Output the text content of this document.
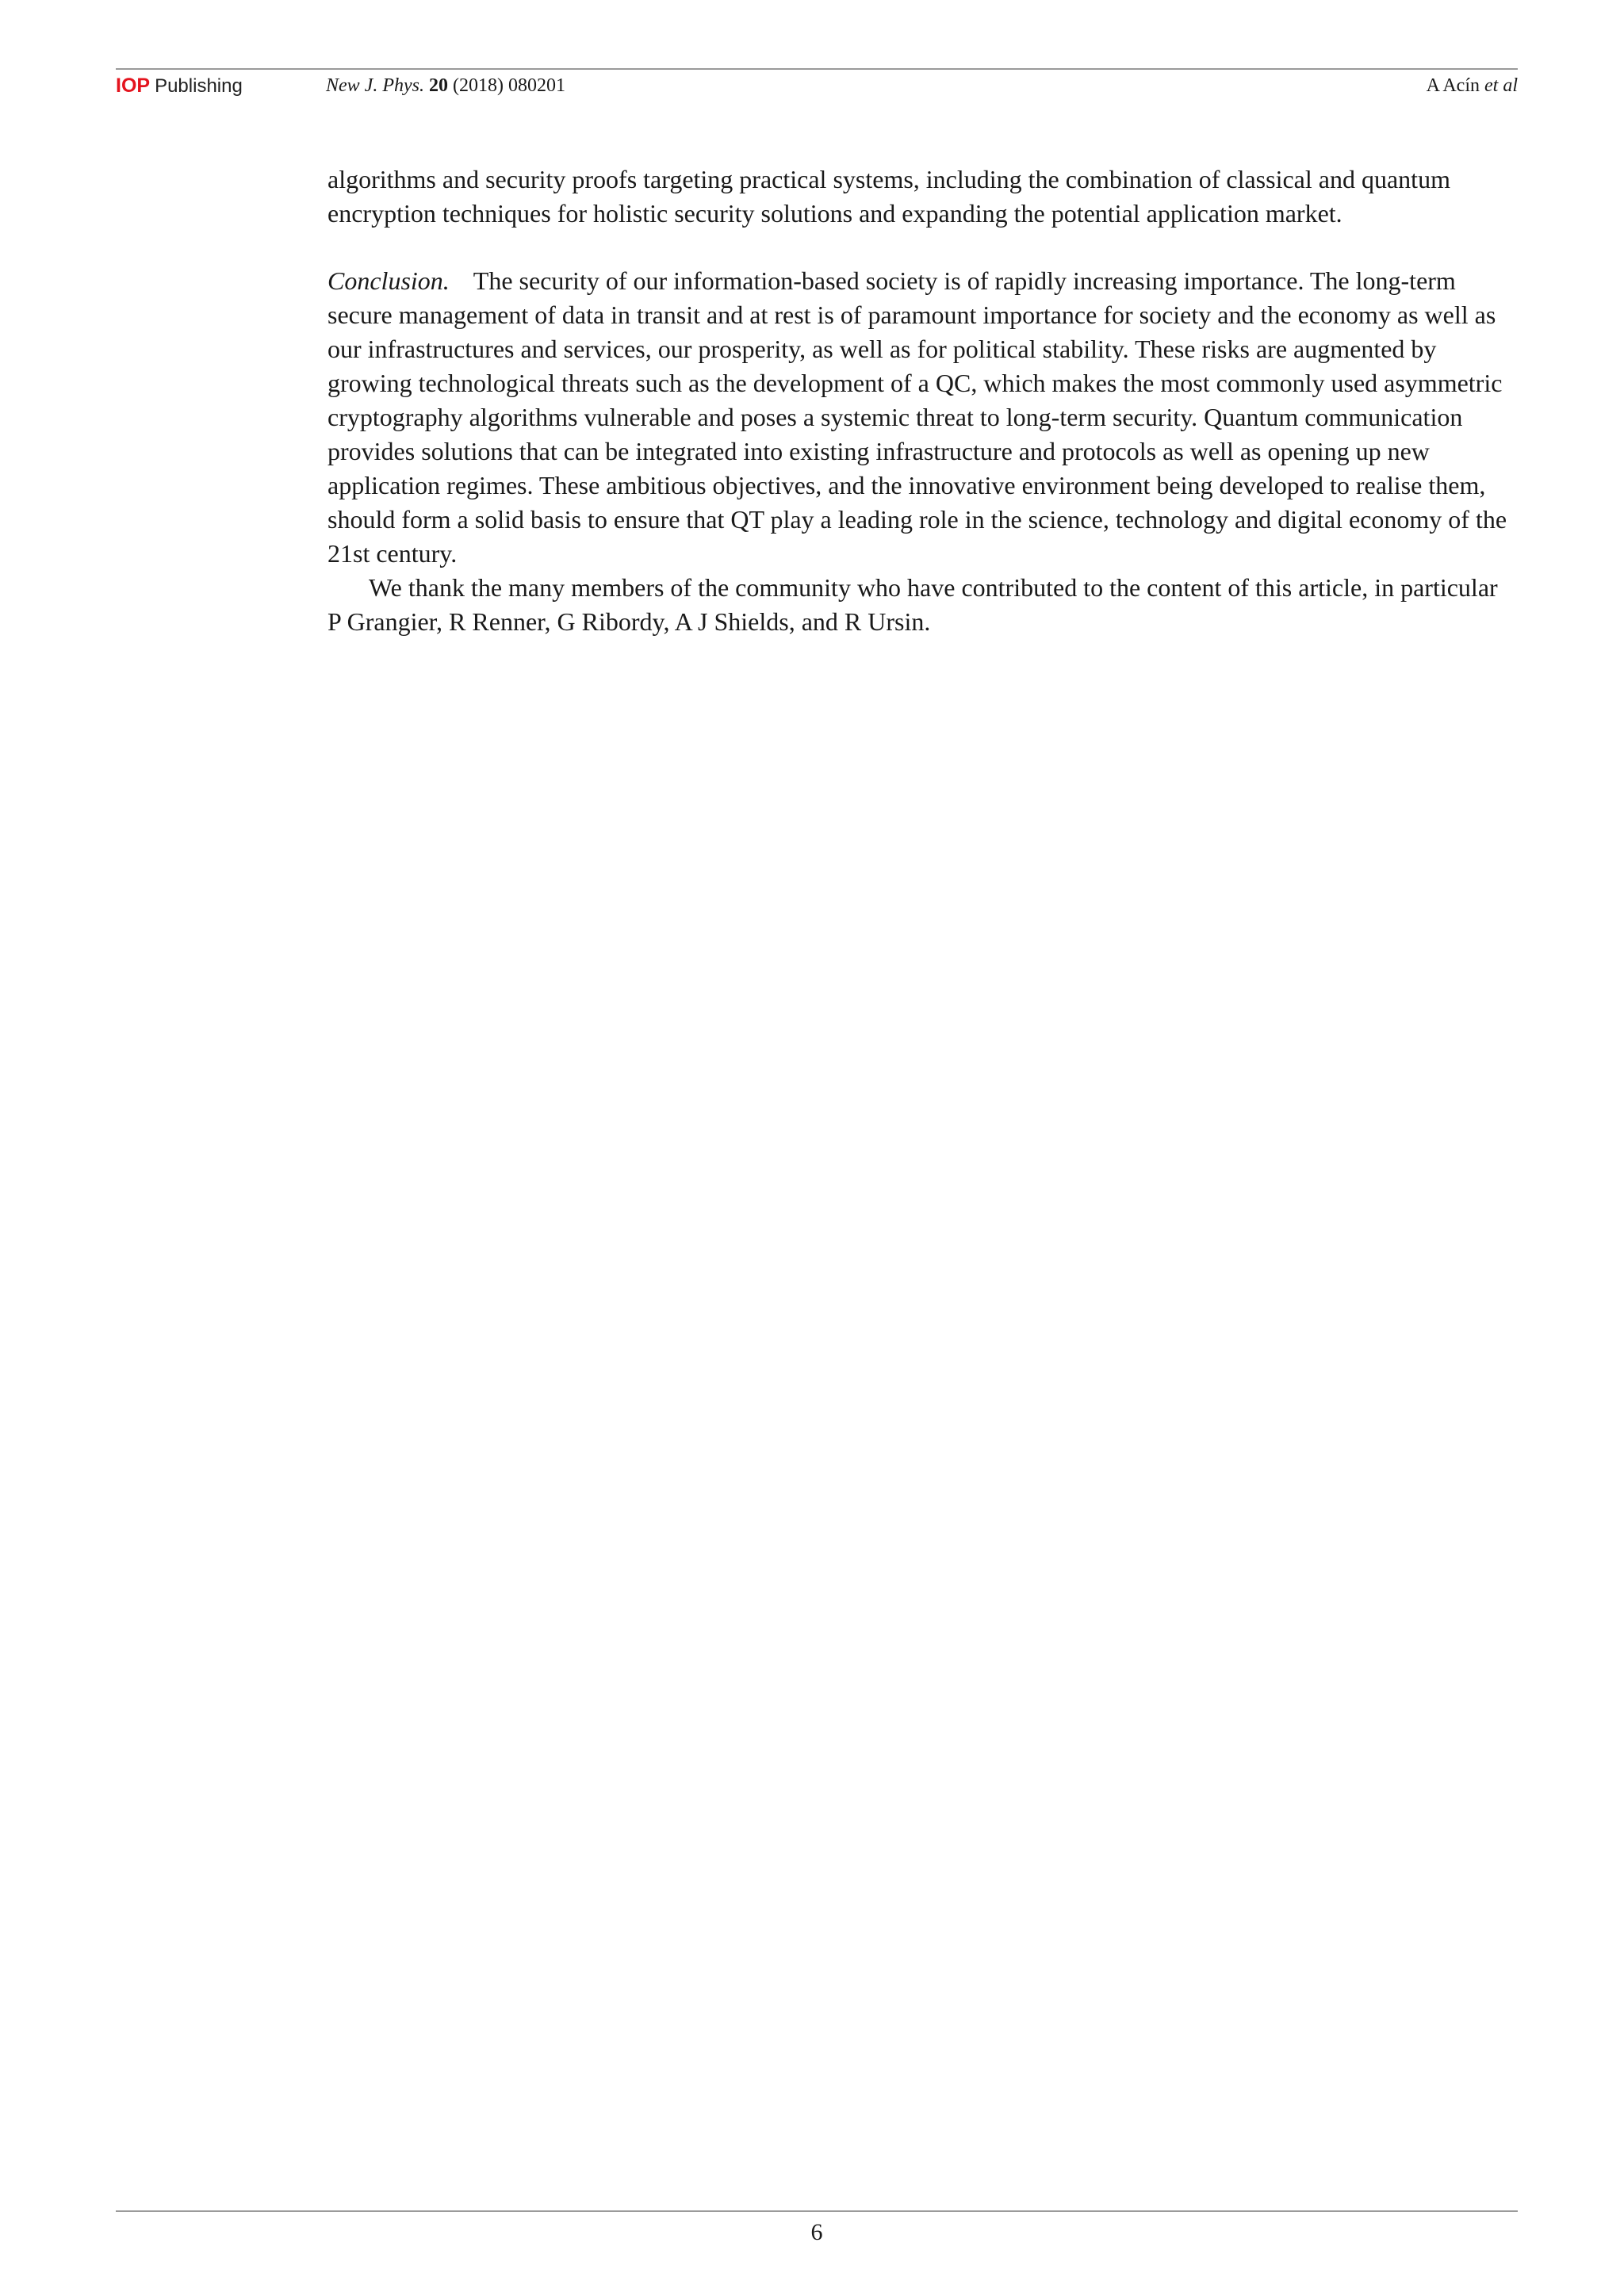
IOP Publishing	New J. Phys. 20 (2018) 080201	A Acín et al

algorithms and security proofs targeting practical systems, including the combination of classical and quantum encryption techniques for holistic security solutions and expanding the potential application market.

Conclusion. The security of our information-based society is of rapidly increasing importance. The long-term secure management of data in transit and at rest is of paramount importance for society and the economy as well as our infrastructures and services, our prosperity, as well as for political stability. These risks are augmented by growing technological threats such as the development of a QC, which makes the most commonly used asymmetric cryptography algorithms vulnerable and poses a systemic threat to long-term security. Quantum communication provides solutions that can be integrated into existing infrastructure and protocols as well as opening up new application regimes. These ambitious objectives, and the innovative environment being developed to realise them, should form a solid basis to ensure that QT play a leading role in the science, technology and digital economy of the 21st century.

We thank the many members of the community who have contributed to the content of this article, in particular P Grangier, R Renner, G Ribordy, A J Shields, and R Ursin.

6
